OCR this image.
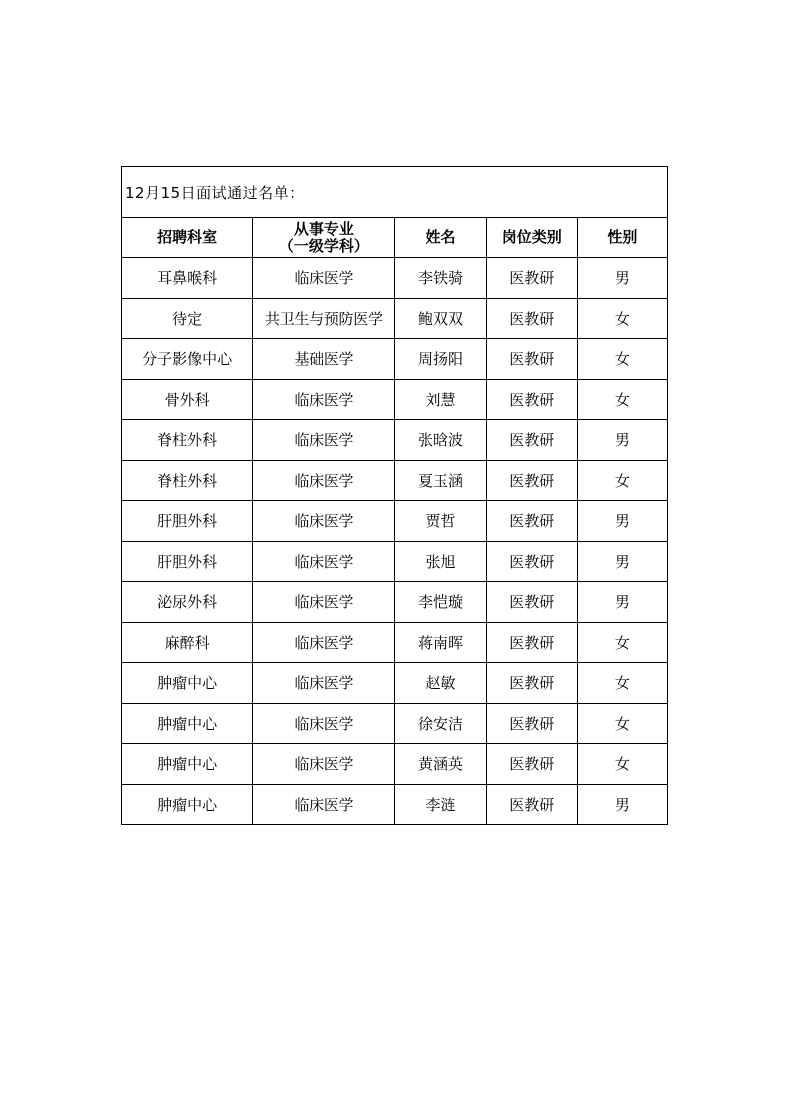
12月15日面试通过名单：				
招聘科室	从事专业
（一级学科）	姓名	岗位类别	性别
耳鼻喉科	临床医学	李铁骑	医教研	男
待定	共卫生与预防医学	鲍双双	医教研	女
分子影像中心	基础医学	周扬阳	医教研	女
骨外科	临床医学	刘慧	医教研	女
脊柱外科	临床医学	张晗波	医教研	男
脊柱外科	临床医学	夏玉涵	医教研	女
肝胆外科	临床医学	贾哲	医教研	男
肝胆外科	临床医学	张旭	医教研	男
泌尿外科	临床医学	李恺璇	医教研	男
麻醉科	临床医学	蒋南晖	医教研	女
肿瘤中心	临床医学	赵敏	医教研	女
肿瘤中心	临床医学	徐安洁	医教研	女
肿瘤中心	临床医学	黄涵英	医教研	女
肿瘤中心	临床医学	李涟	医教研	男
